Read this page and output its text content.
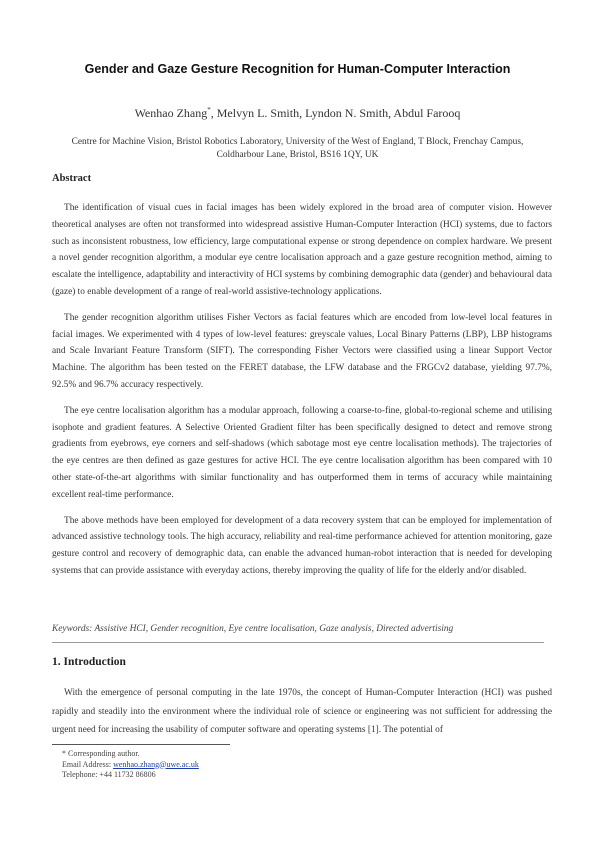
Gender and Gaze Gesture Recognition for Human-Computer Interaction
Wenhao Zhang*, Melvyn L. Smith, Lyndon N. Smith, Abdul Farooq
Centre for Machine Vision, Bristol Robotics Laboratory, University of the West of England, T Block, Frenchay Campus, Coldharbour Lane, Bristol, BS16 1QY, UK
Abstract

The identification of visual cues in facial images has been widely explored in the broad area of computer vision. However theoretical analyses are often not transformed into widespread assistive Human-Computer Interaction (HCI) systems, due to factors such as inconsistent robustness, low efficiency, large computational expense or strong dependence on complex hardware. We present a novel gender recognition algorithm, a modular eye centre localisation approach and a gaze gesture recognition method, aiming to escalate the intelligence, adaptability and interactivity of HCI systems by combining demographic data (gender) and behavioural data (gaze) to enable development of a range of real-world assistive-technology applications.

The gender recognition algorithm utilises Fisher Vectors as facial features which are encoded from low-level local features in facial images. We experimented with 4 types of low-level features: greyscale values, Local Binary Patterns (LBP), LBP histograms and Scale Invariant Feature Transform (SIFT). The corresponding Fisher Vectors were classified using a linear Support Vector Machine. The algorithm has been tested on the FERET database, the LFW database and the FRGCv2 database, yielding 97.7%, 92.5% and 96.7% accuracy respectively.

The eye centre localisation algorithm has a modular approach, following a coarse-to-fine, global-to-regional scheme and utilising isophote and gradient features. A Selective Oriented Gradient filter has been specifically designed to detect and remove strong gradients from eyebrows, eye corners and self-shadows (which sabotage most eye centre localisation methods). The trajectories of the eye centres are then defined as gaze gestures for active HCI. The eye centre localisation algorithm has been compared with 10 other state-of-the-art algorithms with similar functionality and has outperformed them in terms of accuracy while maintaining excellent real-time performance.

The above methods have been employed for development of a data recovery system that can be employed for implementation of advanced assistive technology tools. The high accuracy, reliability and real-time performance achieved for attention monitoring, gaze gesture control and recovery of demographic data, can enable the advanced human-robot interaction that is needed for developing systems that can provide assistance with everyday actions, thereby improving the quality of life for the elderly and/or disabled.

Keywords: Assistive HCI, Gender recognition, Eye centre localisation, Gaze analysis, Directed advertising
1. Introduction

With the emergence of personal computing in the late 1970s, the concept of Human-Computer Interaction (HCI) was pushed rapidly and steadily into the environment where the individual role of science or engineering was not sufficient for addressing the urgent need for increasing the usability of computer software and operating systems [1]. The potential of

* Corresponding author.
Email Address: wenhao.zhang@uwe.ac.uk
Telephone: +44 11732 86806
